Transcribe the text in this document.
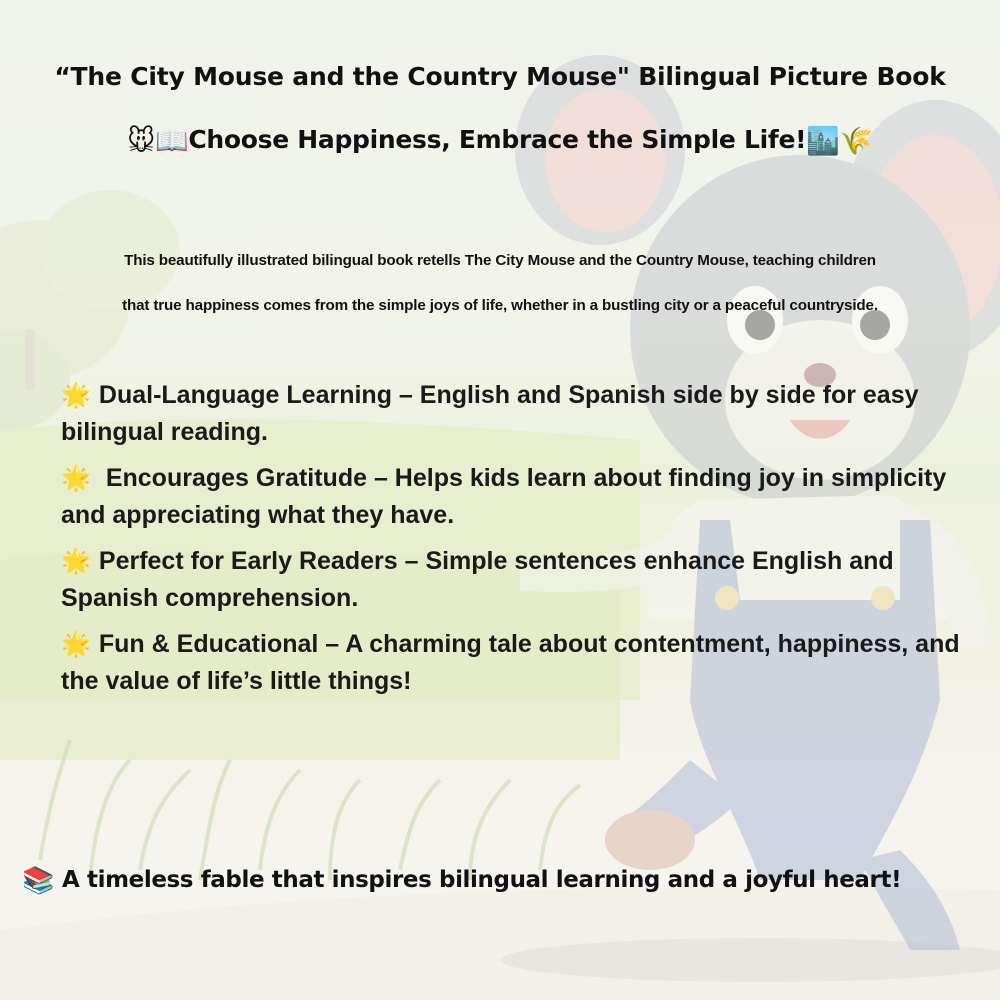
“The City Mouse and the Country Mouse" Bilingual Picture Book
🐭📖Choose Happiness, Embrace the Simple Life!🏙️🌾
This beautifully illustrated bilingual book retells The City Mouse and the Country Mouse, teaching children
that true happiness comes from the simple joys of life, whether in a bustling city or a peaceful countryside.
🌟 Dual-Language Learning – English and Spanish side by side for easy bilingual reading.
🌟 Encourages Gratitude – Helps kids learn about finding joy in simplicity and appreciating what they have.
🌟 Perfect for Early Readers – Simple sentences enhance English and Spanish comprehension.
🌟 Fun & Educational – A charming tale about contentment, happiness, and the value of life’s little things!
📚 A timeless fable that inspires bilingual learning and a joyful heart!
